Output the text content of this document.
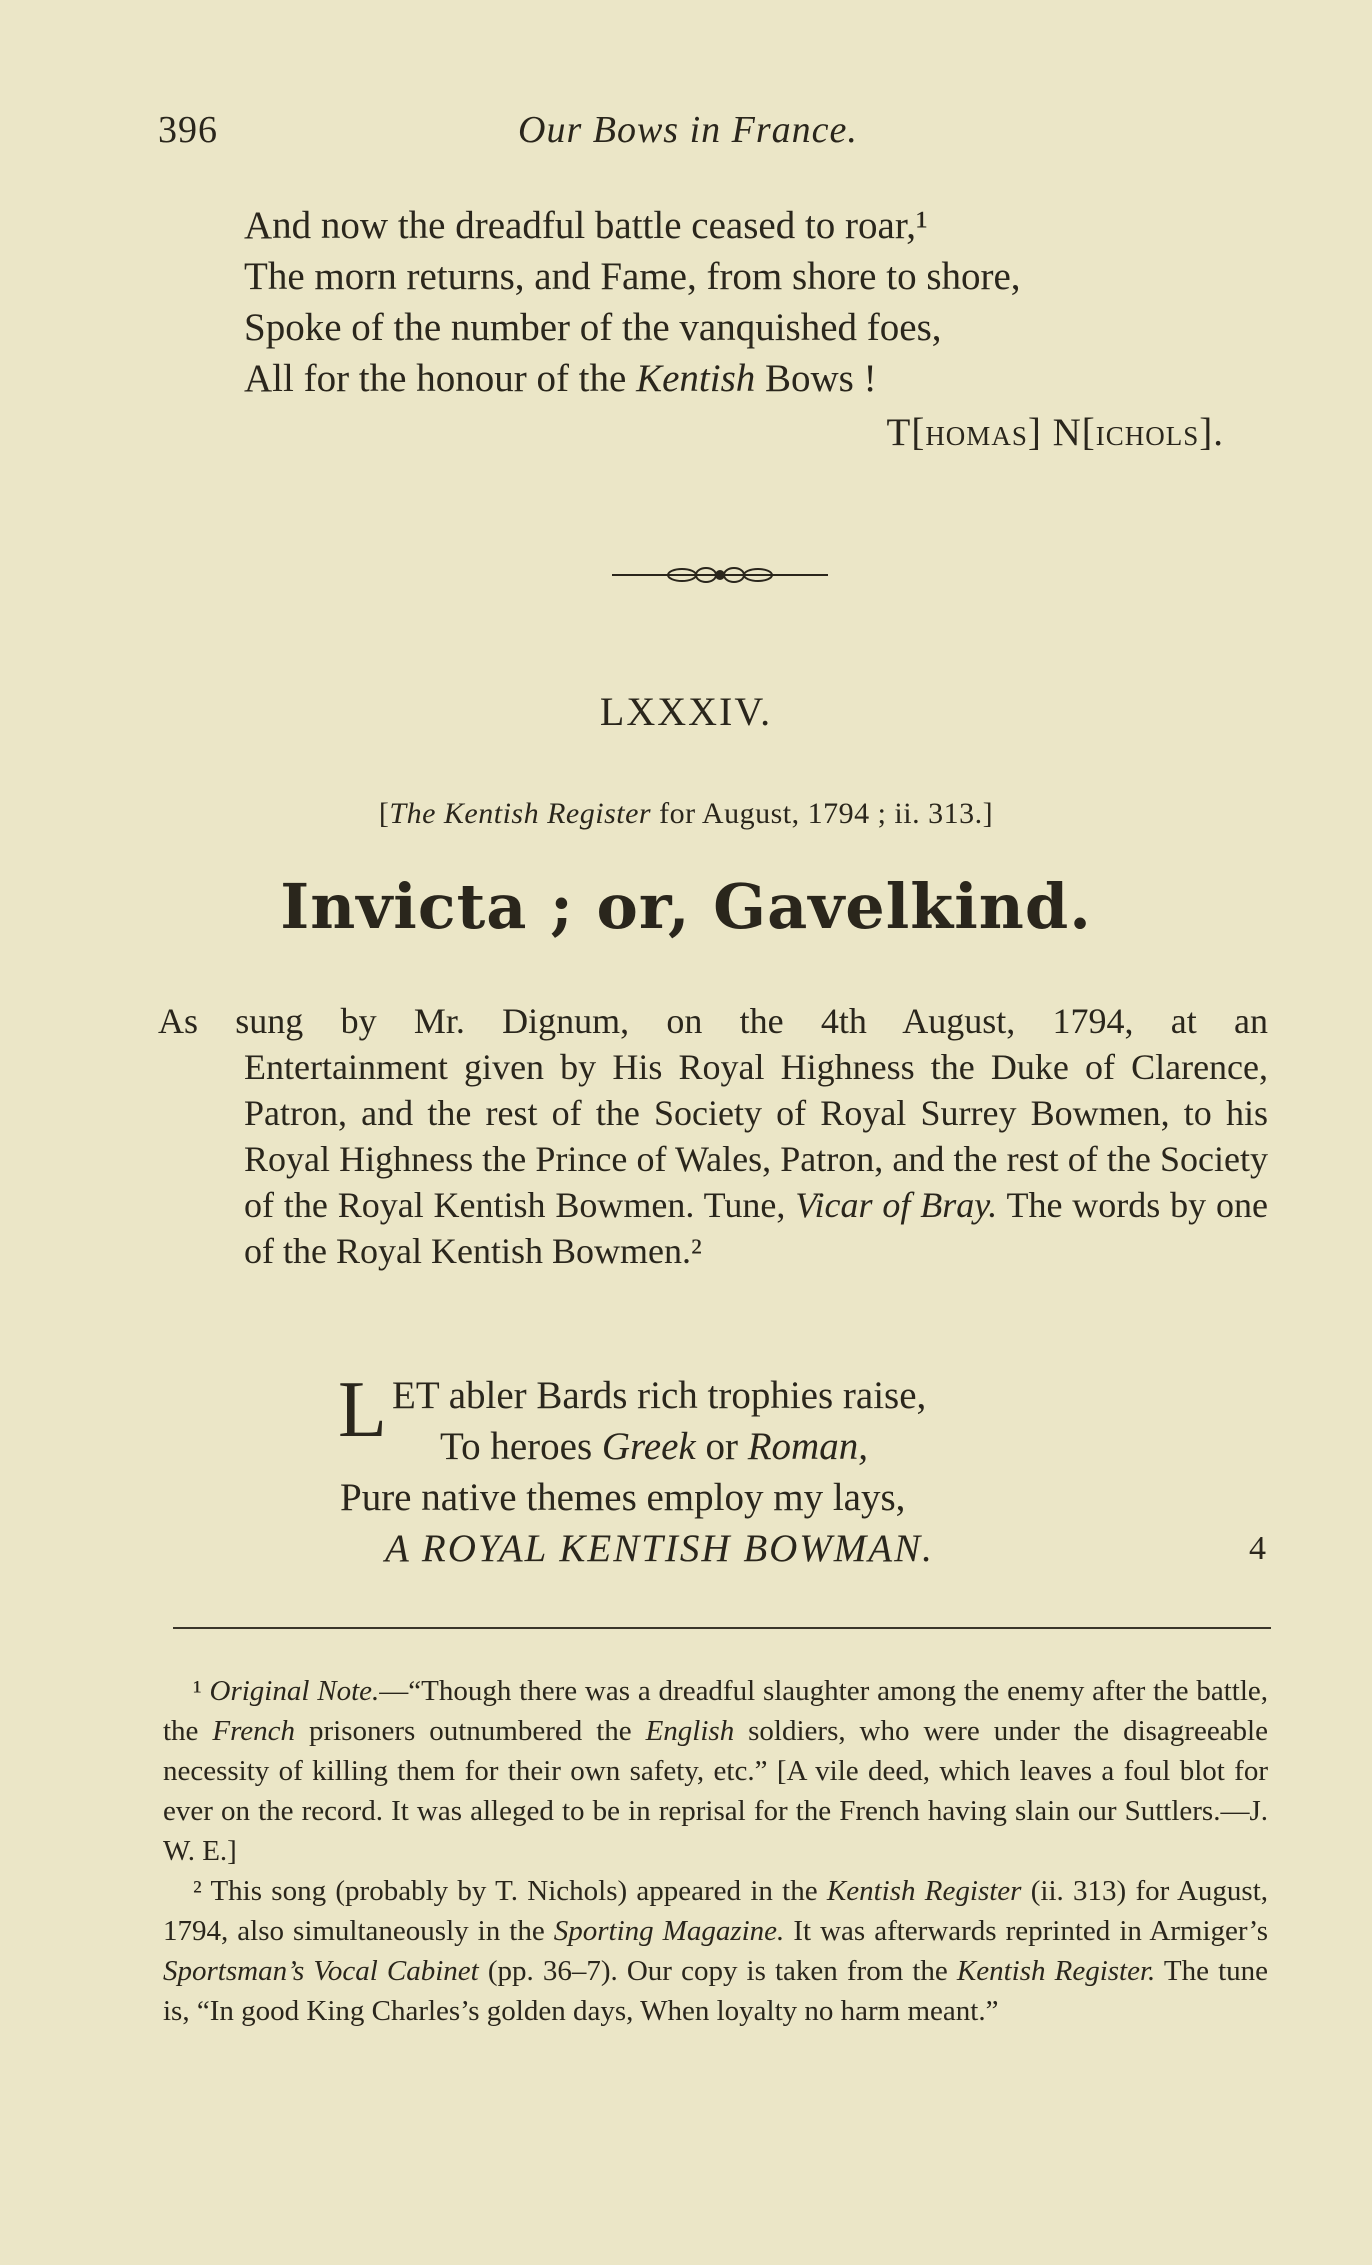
396	Our Bows in France.
And now the dreadful battle ceased to roar,¹
The morn returns, and Fame, from shore to shore,
Spoke of the number of the vanquished foes,
All for the honour of the Kentish Bows !
T[homas] N[ichols].
LXXXIV.
[The Kentish Register for August, 1794 ; ii. 313.]
Invicta ; or, Gavelkind.
As sung by Mr. Dignum, on the 4th August, 1794, at an
Entertainment given by His Royal Highness the Duke of Clarence, Patron, and the rest of the Society of Royal Surrey Bowmen, to his Royal Highness the Prince of Wales, Patron, and the rest of the Society of the Royal Kentish Bowmen. Tune, Vicar of Bray. The words by one of the Royal Kentish Bowmen.²
L ET abler Bards rich trophies raise,
To heroes Greek or Roman,
Pure native themes employ my lays,
A ROYAL KENTISH BOWMAN.	4
¹ Original Note.—“Though there was a dreadful slaughter among the enemy after the battle, the French prisoners outnumbered the English soldiers, who were under the disagreeable necessity of killing them for their own safety, etc.” [A vile deed, which leaves a foul blot for ever on the record. It was alleged to be in reprisal for the French having slain our Suttlers.—J. W. E.]
² This song (probably by T. Nichols) appeared in the Kentish Register (ii. 313) for August, 1794, also simultaneously in the Sporting Magazine. It was afterwards reprinted in Armiger’s Sportsman’s Vocal Cabinet (pp. 36–7). Our copy is taken from the Kentish Register. The tune is, “In good King Charles’s golden days, When loyalty no harm meant.”
